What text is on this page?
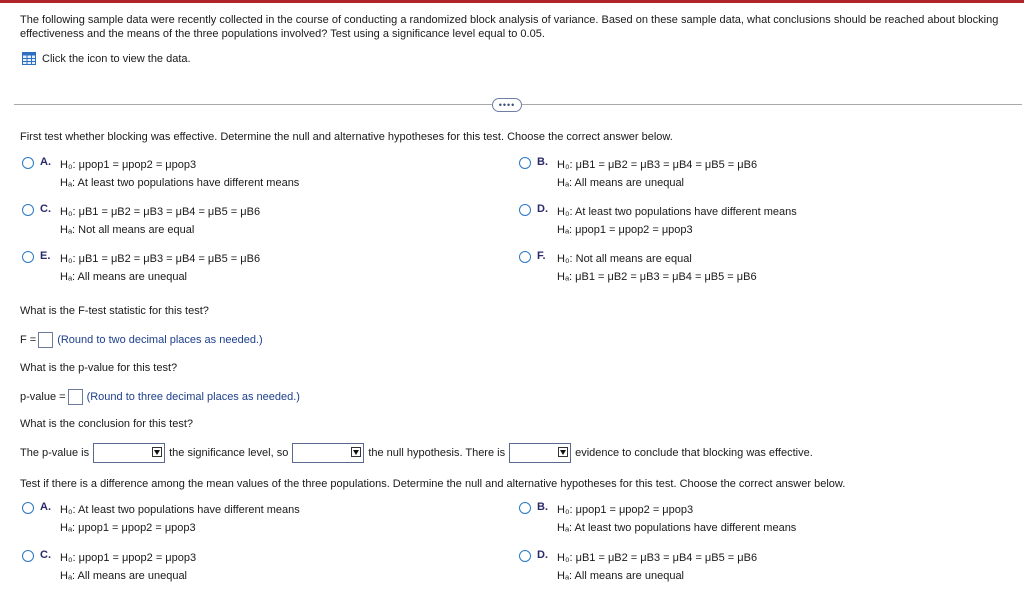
The following sample data were recently collected in the course of conducting a randomized block analysis of variance. Based on these sample data, what conclusions should be reached about blocking effectiveness and the means of the three populations involved? Test using a significance level equal to 0.05.
Click the icon to view the data.
••••
First test whether blocking was effective. Determine the null and alternative hypotheses for this test. Choose the correct answer below.
A. H₀: μpop1 = μpop2 = μpop3
Hₐ: At least two populations have different means
B. H₀: μB1 = μB2 = μB3 = μB4 = μB5 = μB6
Hₐ: All means are unequal
C. H₀: μB1 = μB2 = μB3 = μB4 = μB5 = μB6
Hₐ: Not all means are equal
D. H₀: At least two populations have different means
Hₐ: μpop1 = μpop2 = μpop3
E. H₀: μB1 = μB2 = μB3 = μB4 = μB5 = μB6
Hₐ: All means are unequal
F.	H₀: Not all means are equal
Hₐ: μB1 = μB2 = μB3 = μB4 = μB5 = μB6
What is the F-test statistic for this test?
F = (Round to two decimal places as needed.)
What is the p-value for this test?
p-value = (Round to three decimal places as needed.)
What is the conclusion for this test?
The p-value is	the significance level, so	the null hypothesis. There is	evidence to conclude that blocking was effective.
Test if there is a difference among the mean values of the three populations. Determine the null and alternative hypotheses for this test. Choose the correct answer below.
A. H₀: At least two populations have different means
Hₐ: μpop1 = μpop2 = μpop3
B. H₀: μpop1 = μpop2 = μpop3
Hₐ: At least two populations have different means
C. H₀: μpop1 = μpop2 = μpop3
Hₐ: All means are unequal
D. H₀: μB1 = μB2 = μB3 = μB4 = μB5 = μB6
Hₐ: All means are unequal
